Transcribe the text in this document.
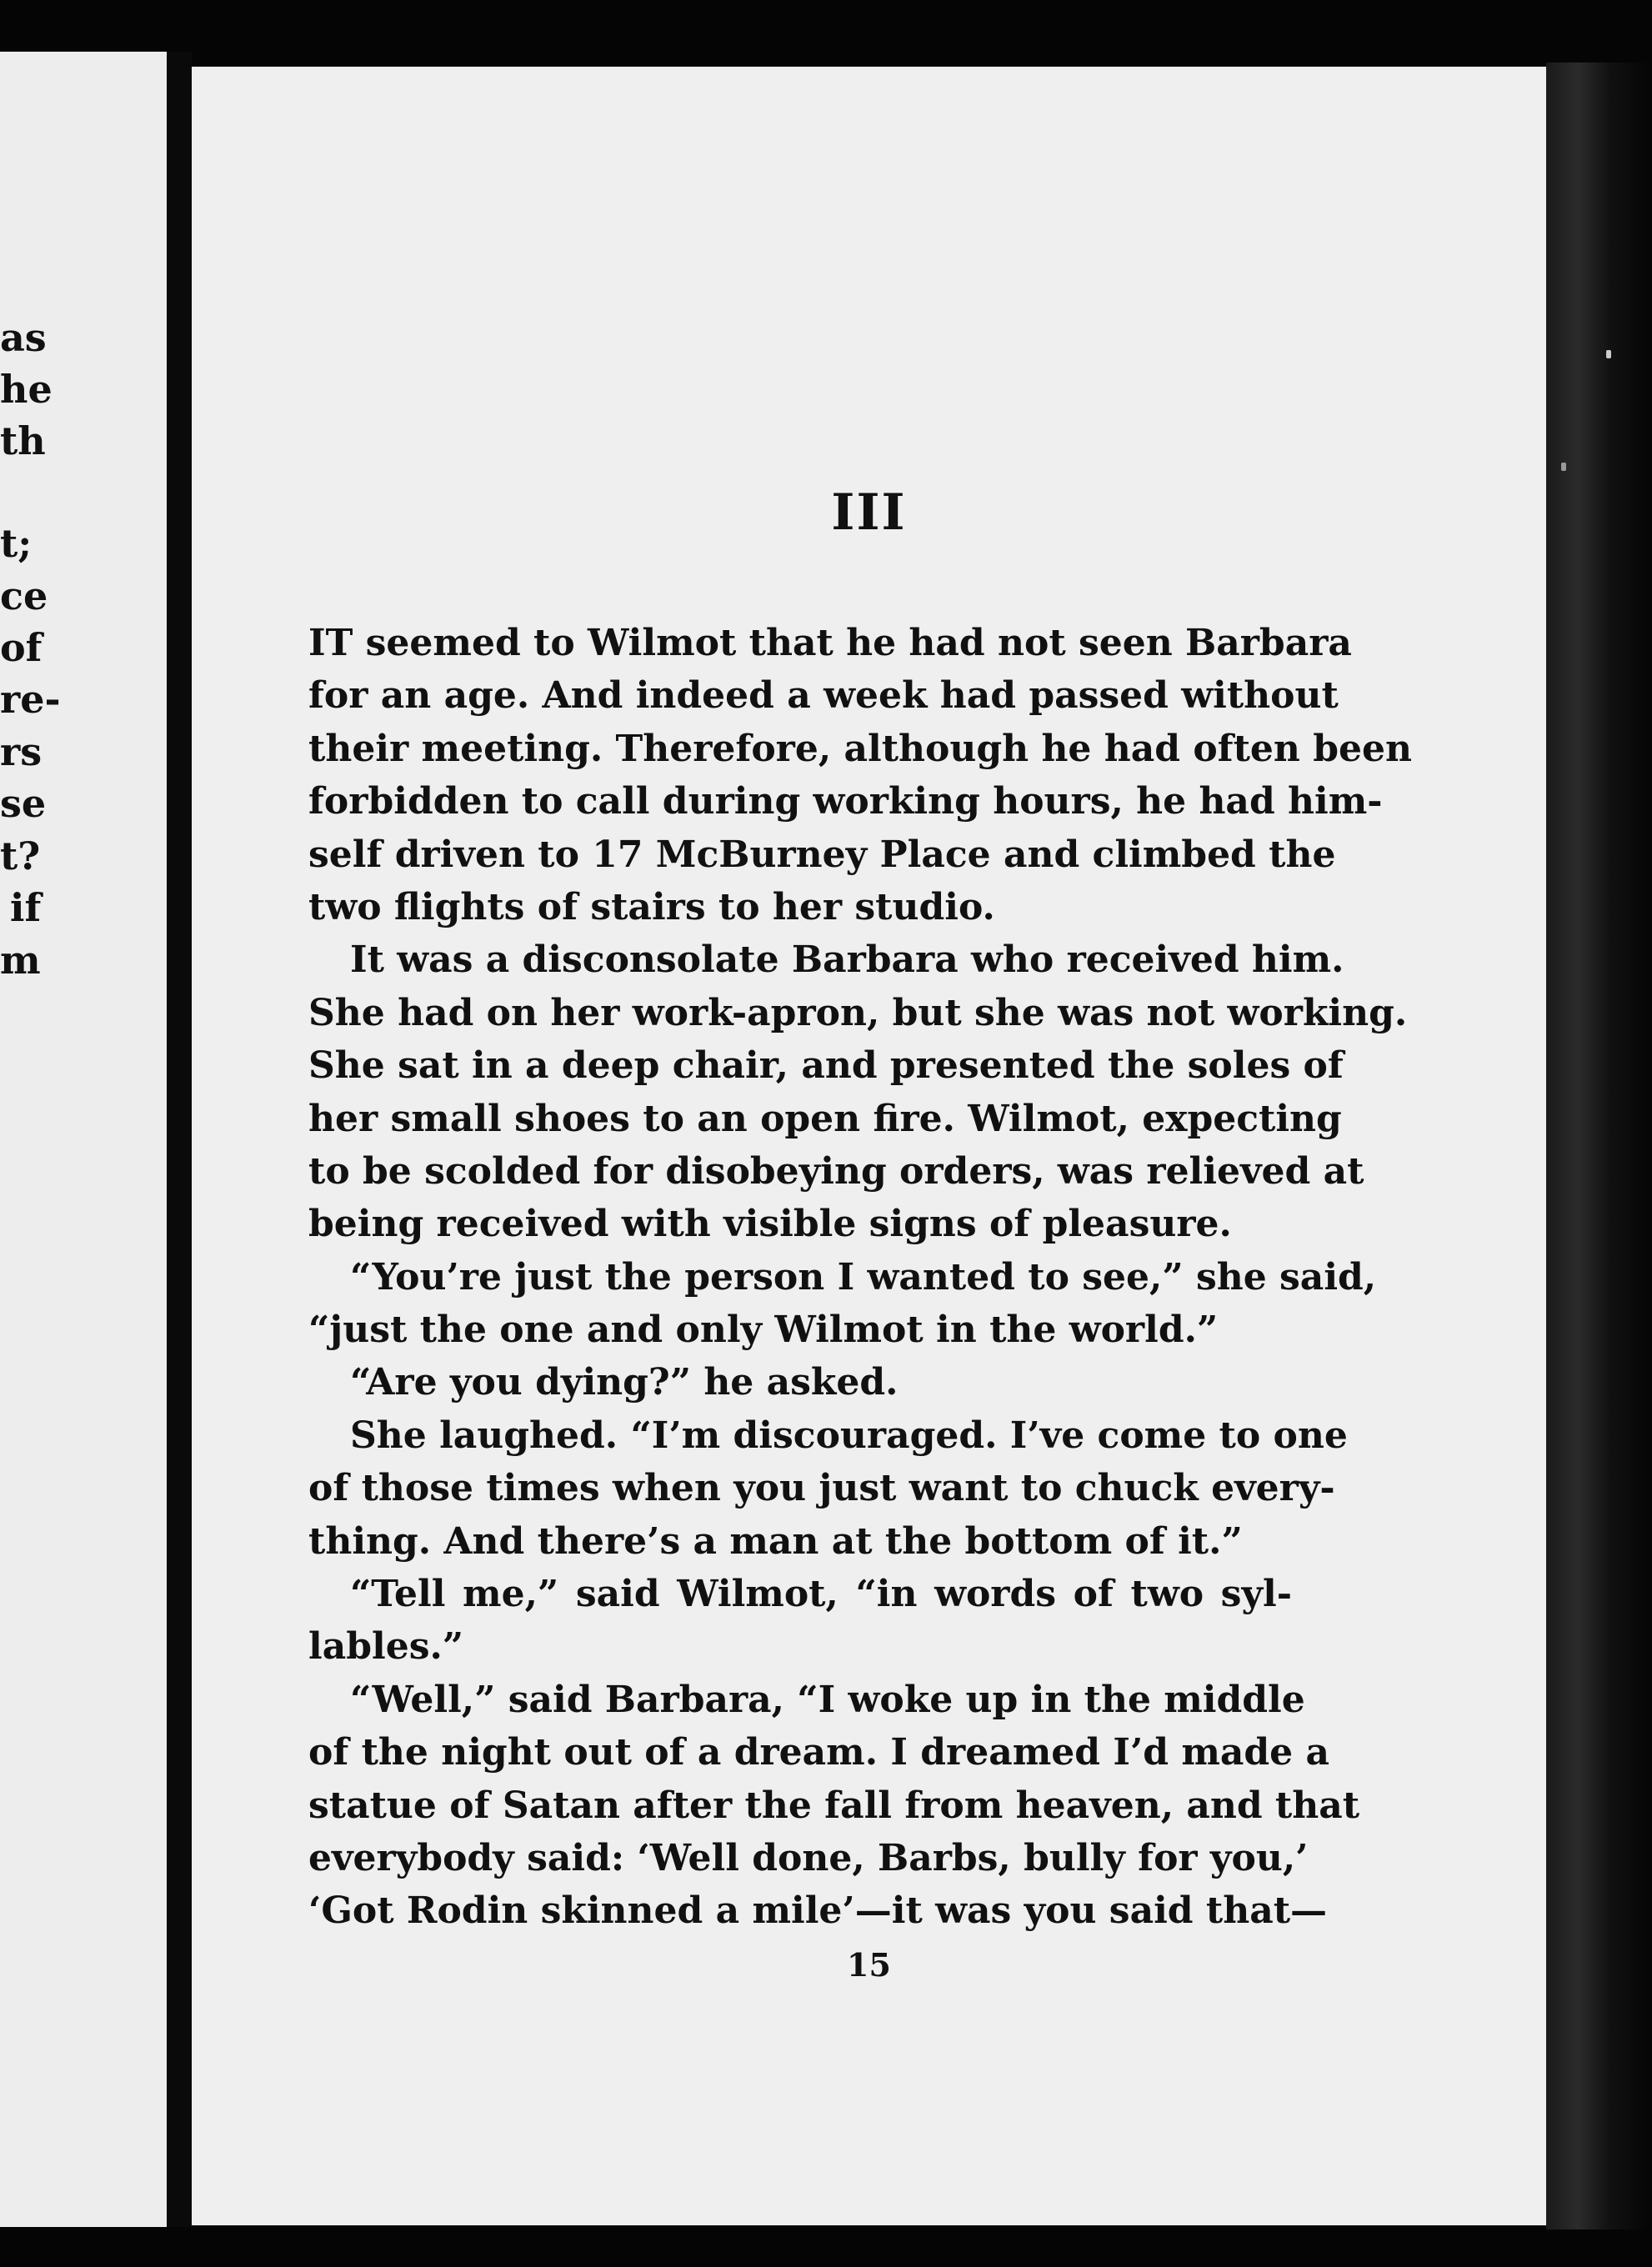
as
he
th
t;
ce
of
re-
rs
se
t?
if
m
III
IT seemed to Wilmot that he had not seen Barbara
for an age. And indeed a week had passed without
their meeting. Therefore, although he had often been
forbidden to call during working hours, he had him-
self driven to 17 McBurney Place and climbed the
two flights of stairs to her studio.
It was a disconsolate Barbara who received him.
She had on her work-apron, but she was not working.
She sat in a deep chair, and presented the soles of
her small shoes to an open fire. Wilmot, expecting
to be scolded for disobeying orders, was relieved at
being received with visible signs of pleasure.
“You’re just the person I wanted to see,” she said,
“just the one and only Wilmot in the world.”
“Are you dying?” he asked.
She laughed. “I’m discouraged. I’ve come to one
of those times when you just want to chuck every-
thing. And there’s a man at the bottom of it.”
“Tell me,” said Wilmot, “in words of two syl-
lables.”
“Well,” said Barbara, “I woke up in the middle
of the night out of a dream. I dreamed I’d made a
statue of Satan after the fall from heaven, and that
everybody said: ‘Well done, Barbs, bully for you,’
‘Got Rodin skinned a mile’—it was you said that—
15
